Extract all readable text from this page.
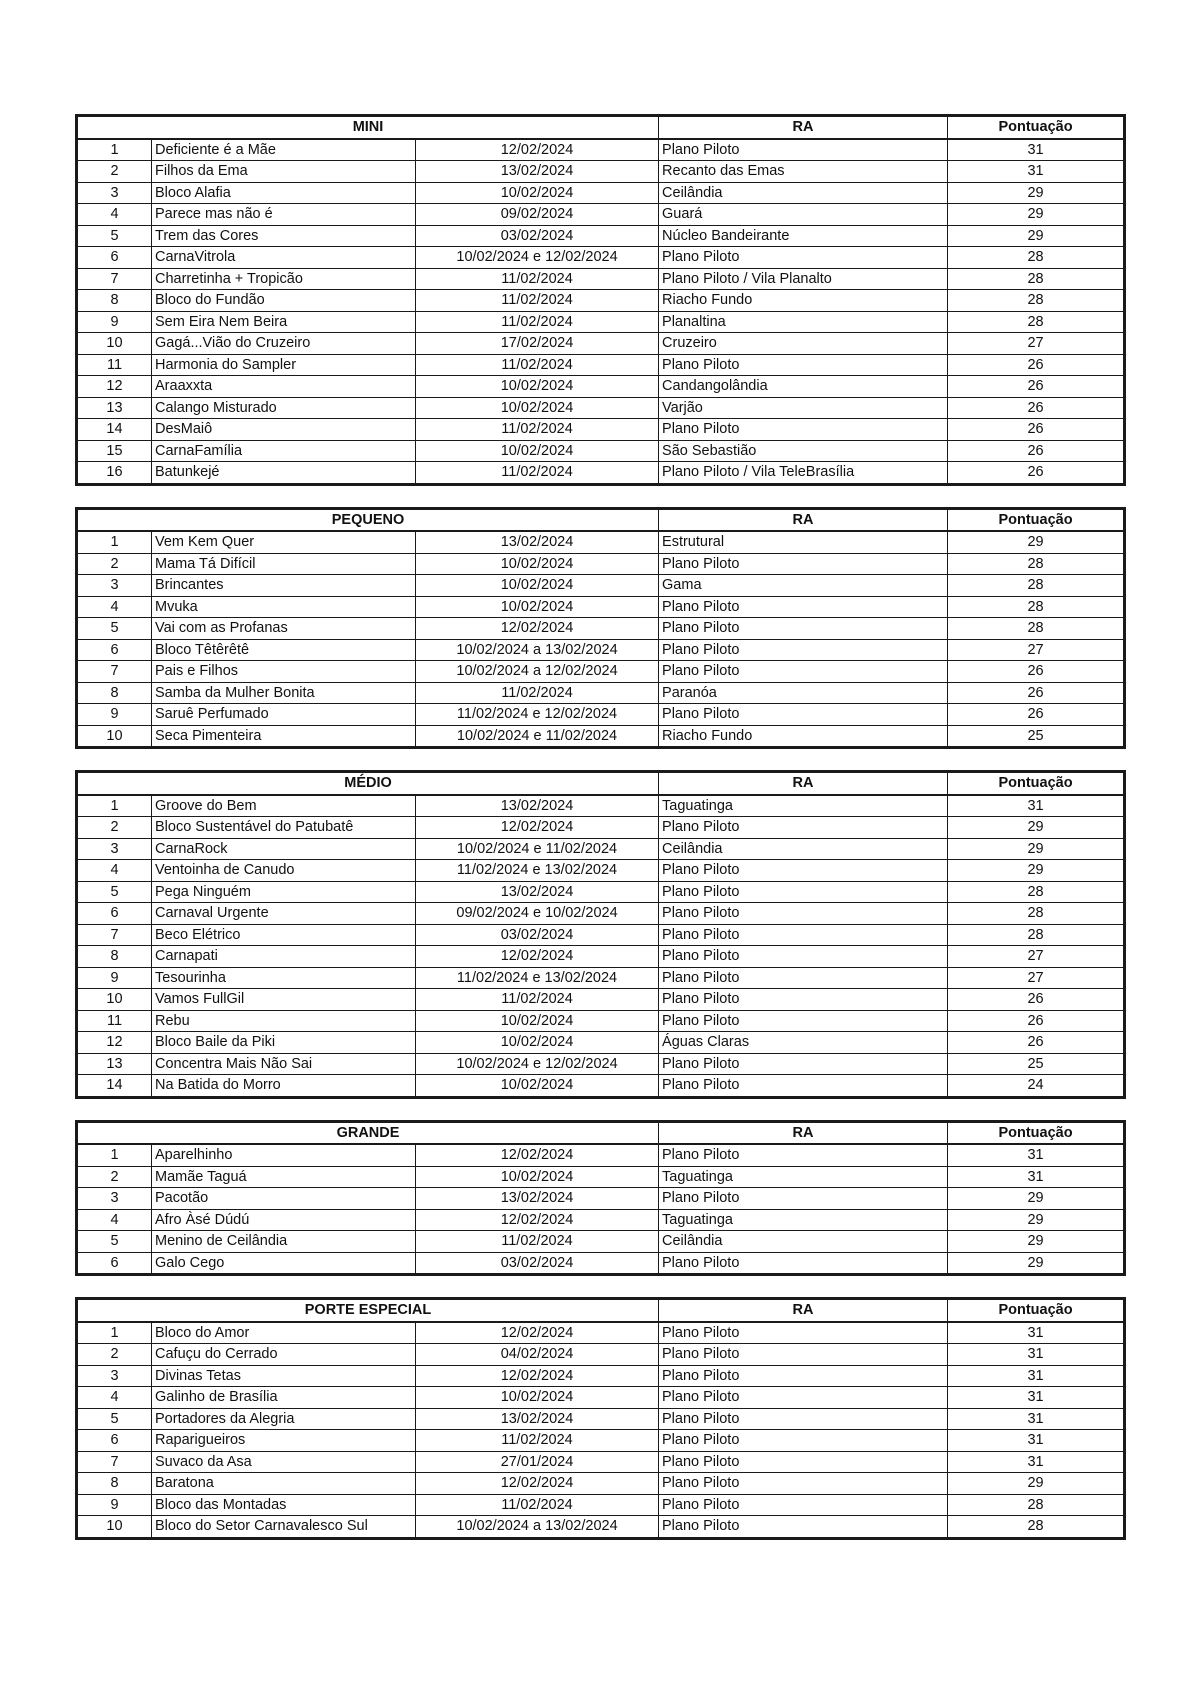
MINI			RA	Pontuação
1	Deficiente é a Mãe	12/02/2024	Plano Piloto	31
2	Filhos da Ema	13/02/2024	Recanto das Emas	31
3	Bloco Alafia	10/02/2024	Ceilândia	29
4	Parece mas não é	09/02/2024	Guará	29
5	Trem das Cores	03/02/2024	Núcleo Bandeirante	29
6	CarnaVitrola	10/02/2024 e 12/02/2024	Plano Piloto	28
7	Charretinha + Tropicão	11/02/2024	Plano Piloto / Vila Planalto	28
8	Bloco do Fundão	11/02/2024	Riacho Fundo	28
9	Sem Eira Nem Beira	11/02/2024	Planaltina	28
10	Gagá...Vião do Cruzeiro	17/02/2024	Cruzeiro	27
11	Harmonia do Sampler	11/02/2024	Plano Piloto	26
12	Araaxxta	10/02/2024	Candangolândia	26
13	Calango Misturado	10/02/2024	Varjão	26
14	DesMaiô	11/02/2024	Plano Piloto	26
15	CarnaFamília	10/02/2024	São Sebastião	26
16	Batunkejé	11/02/2024	Plano Piloto / Vila TeleBrasília	26
PEQUENO			RA	Pontuação
1	Vem Kem Quer	13/02/2024	Estrutural	29
2	Mama Tá Difícil	10/02/2024	Plano Piloto	28
3	Brincantes	10/02/2024	Gama	28
4	Mvuka	10/02/2024	Plano Piloto	28
5	Vai com as Profanas	12/02/2024	Plano Piloto	28
6	Bloco Têtêrêtê	10/02/2024 a 13/02/2024	Plano Piloto	27
7	Pais e Filhos	10/02/2024 a 12/02/2024	Plano Piloto	26
8	Samba da Mulher Bonita	11/02/2024	Paranóa	26
9	Saruê Perfumado	11/02/2024 e 12/02/2024	Plano Piloto	26
10	Seca Pimenteira	10/02/2024 e 11/02/2024	Riacho Fundo	25
MÉDIO			RA	Pontuação
1	Groove do Bem	13/02/2024	Taguatinga	31
2	Bloco Sustentável do Patubatê	12/02/2024	Plano Piloto	29
3	CarnaRock	10/02/2024 e 11/02/2024	Ceilândia	29
4	Ventoinha de Canudo	11/02/2024 e 13/02/2024	Plano Piloto	29
5	Pega Ninguém	13/02/2024	Plano Piloto	28
6	Carnaval Urgente	09/02/2024 e 10/02/2024	Plano Piloto	28
7	Beco Elétrico	03/02/2024	Plano Piloto	28
8	Carnapati	12/02/2024	Plano Piloto	27
9	Tesourinha	11/02/2024 e 13/02/2024	Plano Piloto	27
10	Vamos FullGil	11/02/2024	Plano Piloto	26
11	Rebu	10/02/2024	Plano Piloto	26
12	Bloco Baile da Piki	10/02/2024	Águas Claras	26
13	Concentra Mais Não Sai	10/02/2024 e 12/02/2024	Plano Piloto	25
14	Na Batida do Morro	10/02/2024	Plano Piloto	24
GRANDE			RA	Pontuação
1	Aparelhinho	12/02/2024	Plano Piloto	31
2	Mamãe Taguá	10/02/2024	Taguatinga	31
3	Pacotão	13/02/2024	Plano Piloto	29
4	Afro Àsé Dúdú	12/02/2024	Taguatinga	29
5	Menino de Ceilândia	11/02/2024	Ceilândia	29
6	Galo Cego	03/02/2024	Plano Piloto	29
PORTE ESPECIAL			RA	Pontuação
1	Bloco do Amor	12/02/2024	Plano Piloto	31
2	Cafuçu do Cerrado	04/02/2024	Plano Piloto	31
3	Divinas Tetas	12/02/2024	Plano Piloto	31
4	Galinho de Brasília	10/02/2024	Plano Piloto	31
5	Portadores da Alegria	13/02/2024	Plano Piloto	31
6	Raparigueiros	11/02/2024	Plano Piloto	31
7	Suvaco da Asa	27/01/2024	Plano Piloto	31
8	Baratona	12/02/2024	Plano Piloto	29
9	Bloco das Montadas	11/02/2024	Plano Piloto	28
10	Bloco do Setor Carnavalesco Sul	10/02/2024 a 13/02/2024	Plano Piloto	28
